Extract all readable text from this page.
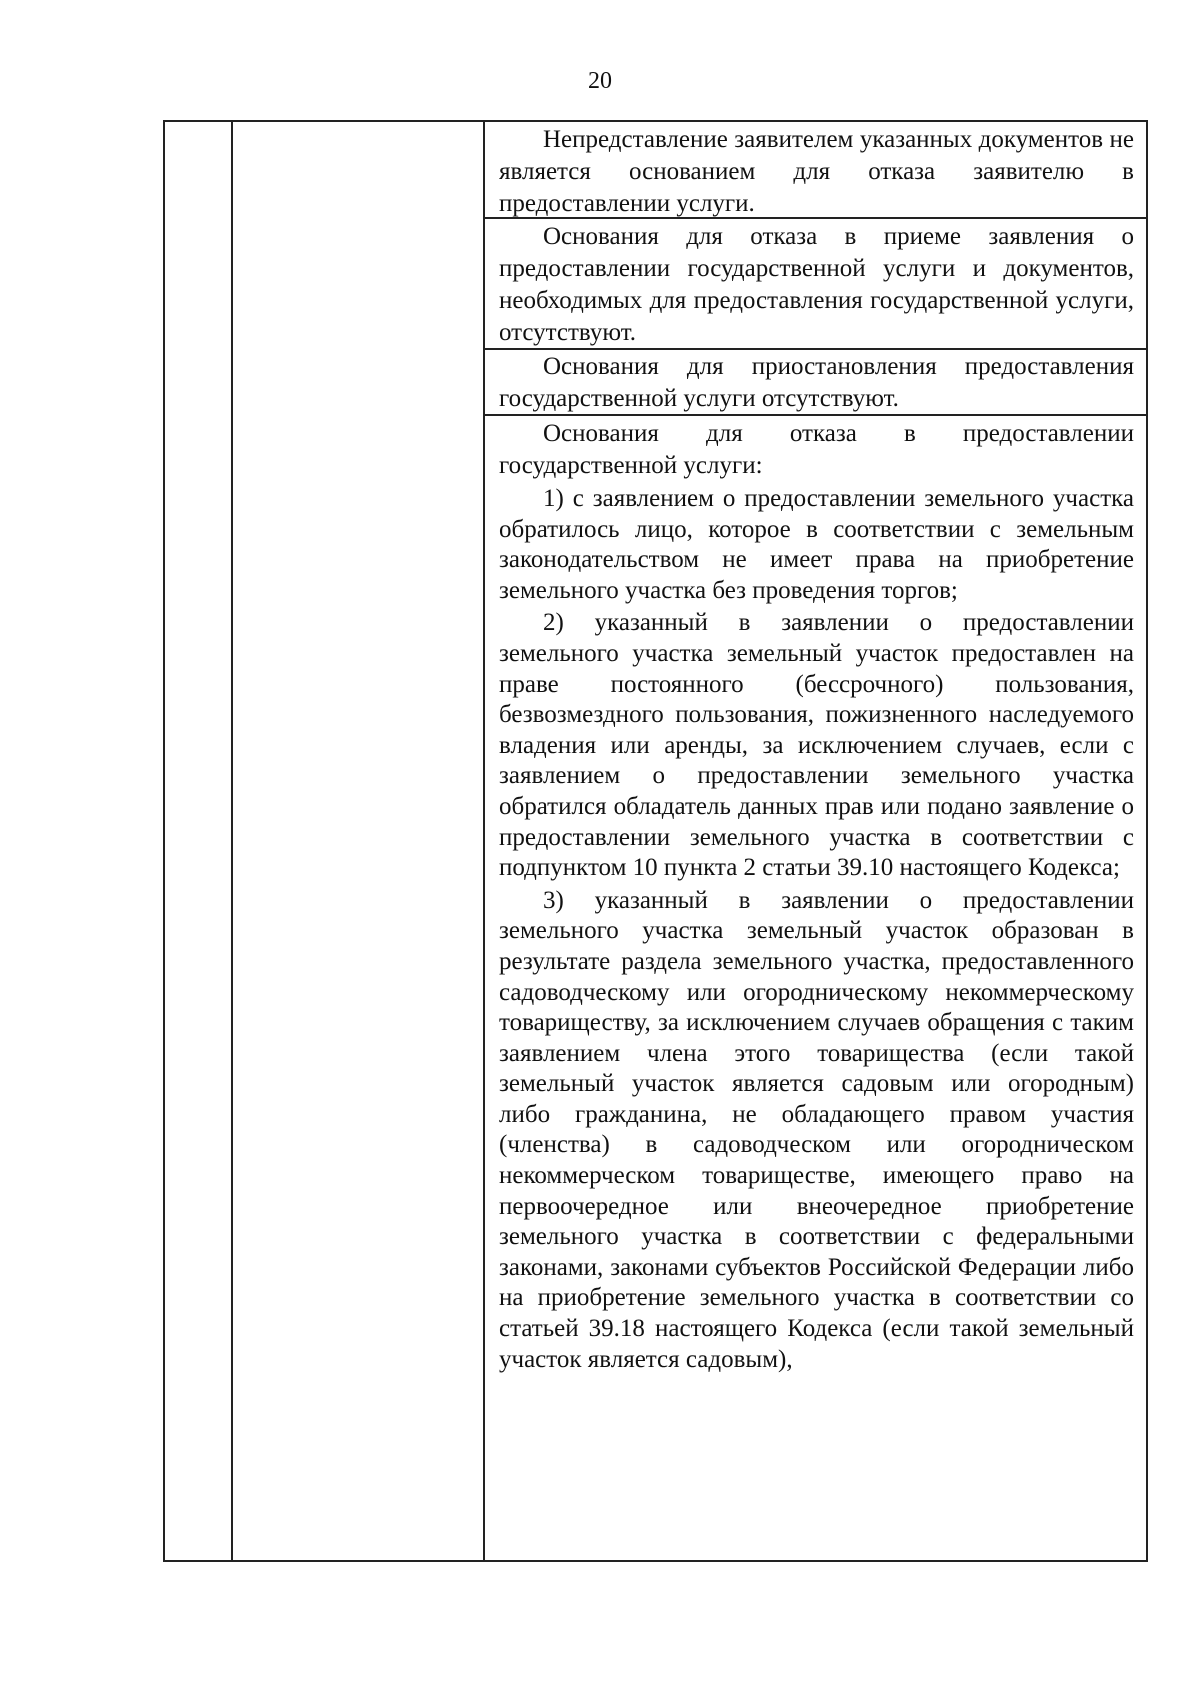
20

Непредставление заявителем указанных документов не является основанием для отказа заявителю в предоставлении услуги.

Основания для отказа в приеме заявления о предоставлении государственной услуги и документов, необходимых для предоставления государственной услуги, отсутствуют.

Основания для приостановления предоставления государственной услуги отсутствуют.

Основания для отказа в предоставлении государственной услуги:

1) с заявлением о предоставлении земельного участка обратилось лицо, которое в соответствии с земельным законодательством не имеет права на приобретение земельного участка без проведения торгов;

2) указанный в заявлении о предоставлении земельного участка земельный участок предоставлен на праве постоянного (бессрочного) пользования, безвозмездного пользования, пожизненного наследуемого владения или аренды, за исключением случаев, если с заявлением о предоставлении земельного участка обратился обладатель данных прав или подано заявление о предоставлении земельного участка в соответствии с подпунктом 10 пункта 2 статьи 39.10 настоящего Кодекса;

3) указанный в заявлении о предоставлении земельного участка земельный участок образован в результате раздела земельного участка, предоставленного садоводческому или огородническому некоммерческому товариществу, за исключением случаев обращения с таким заявлением члена этого товарищества (если такой земельный участок является садовым или огородным) либо гражданина, не обладающего правом участия (членства) в садоводческом или огородническом некоммерческом товариществе, имеющего право на первоочередное или внеочередное приобретение земельного участка в соответствии с федеральными законами, законами субъектов Российской Федерации либо на приобретение земельного участка в соответствии со статьей 39.18 настоящего Кодекса (если такой земельный участок является садовым),
